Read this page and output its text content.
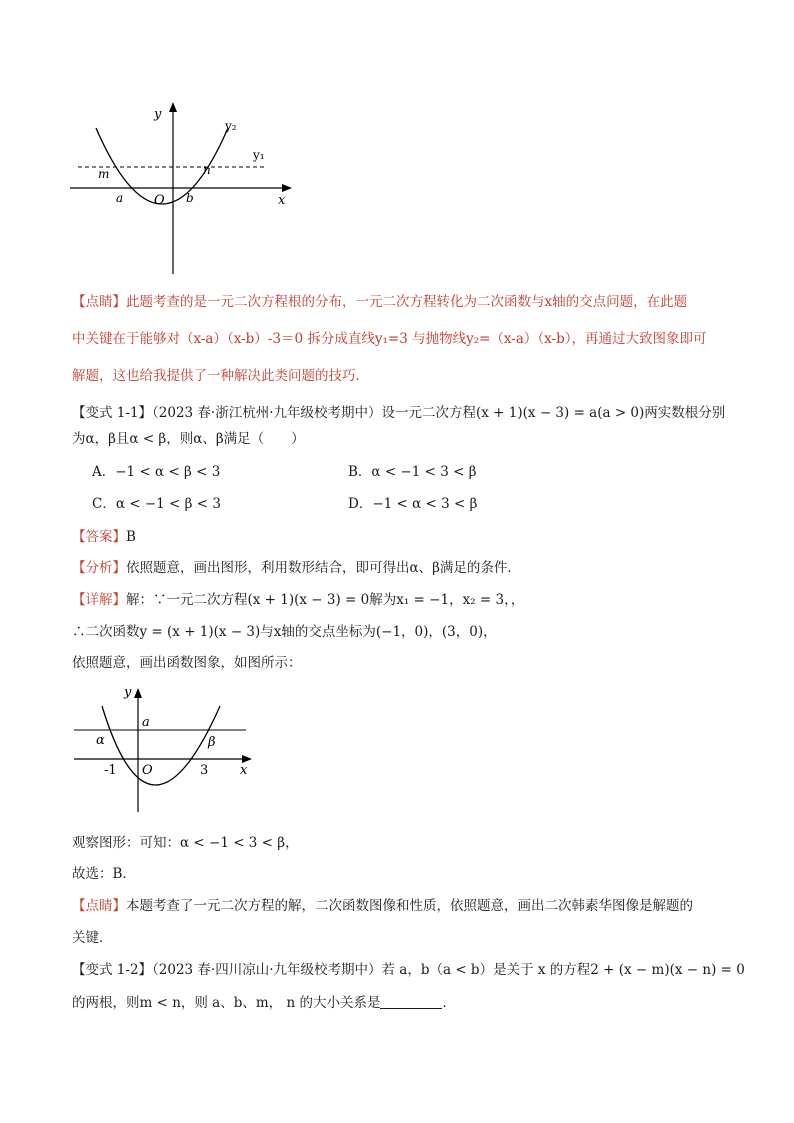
y
x
O
y₂
y₁
m	n
a	b
【点睛】此题考查的是一元二次方程根的分布，一元二次方程转化为二次函数与x轴的交点问题，在此题
中关键在于能够对（x-a）（x-b）-3＝0 拆分成直线y₁=3 与抛物线y₂=（x-a）（x-b），再通过大致图象即可
解题，这也给我提供了一种解决此类问题的技巧．
【变式 1-1】（2023 春·浙江杭州·九年级校考期中）设一元二次方程(x + 1)(x − 3) = a(a > 0)两实数根分别
为α，β且α < β，则α、β满足（　　）
A．−1 < α < β < 3	B．α < −1 < 3 < β
C．α < −1 < β < 3	D．−1 < α < 3 < β
【答案】B
【分析】依照题意，画出图形，利用数形结合，即可得出α、β满足的条件．
【详解】解：∵一元二次方程(x + 1)(x − 3) = 0解为x₁ = −1，x₂ = 3，，
∴二次函数y = (x + 1)(x − 3)与x轴的交点坐标为(−1，0)，(3，0)，
依照题意，画出函数图象，如图所示：
y
x
O
a
α	β
-1	3
观察图形：可知：α < −1 < 3 < β，
故选：B．
【点睛】本题考查了一元二次方程的解，二次函数图像和性质，依照题意，画出二次韩素华图像是解题的
关键．
【变式 1-2】（2023 春·四川凉山·九年级校考期中）若 a，b（a < b）是关于 x 的方程2 + (x − m)(x − n) = 0
的两根，则m < n，则 a、b、m， n 的大小关系是	．
